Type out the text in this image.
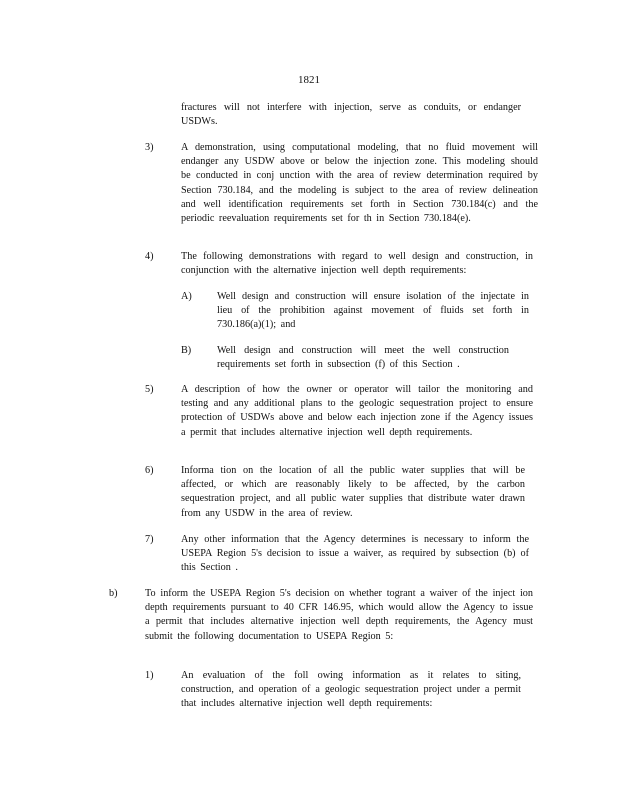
1821
fractures will not interfere with injection, serve as conduits, or endanger USDWs.
3)	A demonstration, using computational modeling, that no fluid movement will endanger any USDW above or below the injection zone. This modeling should be conducted in conj unction with the area of review determination required by Section 730.184, and the modeling is subject to the area of review delineation and well identification requirements set forth in Section 730.184(c) and the periodic reevaluation requirements set for th in Section 730.184(e).
4)	The following demonstrations with regard to well design and construction, in conjunction with the alternative injection well depth requirements:
A) Well design and construction will ensure isolation of the injectate in lieu of the prohibition against movement of fluids set forth in 730.186(a)(1); and
B)	Well design and construction will meet the well construction requirements set forth in subsection (f) of this Section .
5)	A description of how the owner or operator will tailor the monitoring and testing and any additional plans to the geologic sequestration project to ensure protection of USDWs above and below each injection zone if the Agency issues a permit that includes alternative injection well depth requirements.
6)	Informa tion on the location of all the public water supplies that will be affected, or which are reasonably likely to be affected, by the carbon sequestration project, and all public water supplies that distribute water drawn from any USDW in the area of review.
7)	Any other information that the Agency determines is necessary to inform the USEPA Region 5's decision to issue a waiver, as required by subsection (b) of this Section .
b)	To inform the USEPA Region 5's decision on whether togrant a waiver of the inject ion depth requirements pursuant to 40 CFR 146.95, which would allow the Agency to issue a permit that includes alternative injection well depth requirements, the Agency must submit the following documentation to USEPA Region 5:
1)	An evaluation of the foll owing information as it relates to siting, construction, and operation of a geologic sequestration project under a permit that includes alternative injection well depth requirements:
